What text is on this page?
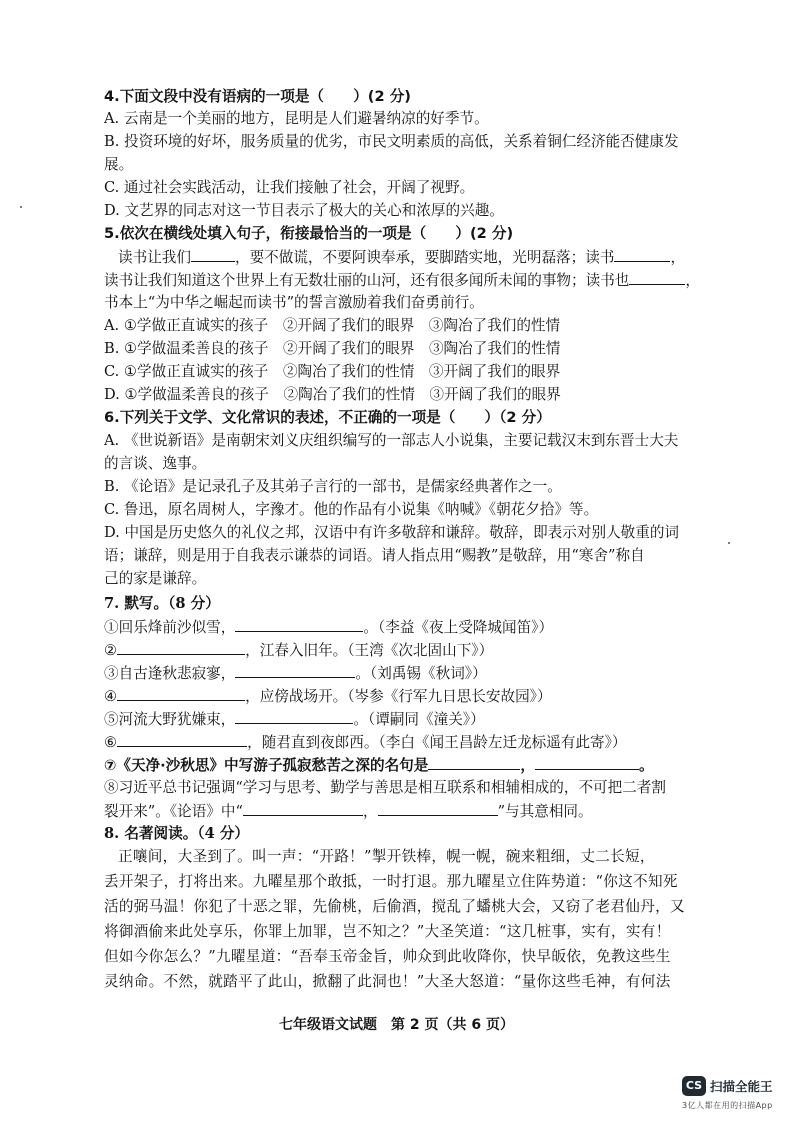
4.下面文段中没有语病的一项是（　　）(2 分)
A. 云南是一个美丽的地方，昆明是人们避暑纳凉的好季节。
B. 投资环境的好坏，服务质量的优劣，市民文明素质的高低，关系着铜仁经济能否健康发
展。
C. 通过社会实践活动，让我们接触了社会，开阔了视野。
D. 文艺界的同志对这一节目表示了极大的关心和浓厚的兴趣。
5.依次在横线处填入句子，衔接最恰当的一项是（　　）(2 分)
读书让我们	，要不做谎，不要阿谀奉承，要脚踏实地，光明磊落；读书	，
读书让我们知道这个世界上有无数壮丽的山河，还有很多闻所未闻的事物；读书也	，
书本上“为中华之崛起而读书”的誓言激励着我们奋勇前行。
A. ①学做正直诚实的孩子　②开阔了我们的眼界　③陶冶了我们的性情
B. ①学做温柔善良的孩子　②开阔了我们的眼界　③陶冶了我们的性情
C. ①学做正直诚实的孩子　②陶冶了我们的性情　③开阔了我们的眼界
D. ①学做温柔善良的孩子　②陶冶了我们的性情　③开阔了我们的眼界
6.下列关于文学、文化常识的表述，不正确的一项是（　　）（2 分）
A. 《世说新语》是南朝宋刘义庆组织编写的一部志人小说集，主要记载汉末到东晋士大夫
的言谈、逸事。
B. 《论语》是记录孔子及其弟子言行的一部书，是儒家经典著作之一。
C. 鲁迅，原名周树人，字豫才。他的作品有小说集《呐喊》《朝花夕拾》等。
D. 中国是历史悠久的礼仪之邦，汉语中有许多敬辞和谦辞。敬辞，即表示对别人敬重的词
语；谦辞，则是用于自我表示谦恭的词语。请人指点用“赐教”是敬辞，用“寒舍”称自
己的家是谦辞。
7. 默写。（8 分）
①回乐烽前沙似雪，	。（李益《夜上受降城闻笛》）
②	，江春入旧年。（王湾《次北固山下》）
③自古逢秋悲寂寥，	。（刘禹锡《秋词》）
④	，应傍战场开。（岑参《行军九日思长安故园》）
⑤河流大野犹嫌束，	。（谭嗣同《潼关》）
⑥	，随君直到夜郎西。（李白《闻王昌龄左迁龙标遥有此寄》）
⑦《天净·沙秋思》中写游子孤寂愁苦之深的名句是	，	。
⑧习近平总书记强调“学习与思考、勤学与善思是相互联系和相辅相成的，不可把二者割
裂开来”。《论语》中“	，	”与其意相同。
8. 名著阅读。（4 分）
正嚷间，大圣到了。叫一声：“开路！”掣开铁棒，幌一幌，碗来粗细，丈二长短，
丢开架子，打将出来。九曜星那个敢抵，一时打退。那九曜星立住阵势道：“你这不知死
活的弼马温！你犯了十恶之罪，先偷桃，后偷酒，搅乱了蟠桃大会，又窃了老君仙丹，又
将御酒偷来此处享乐，你罪上加罪，岂不知之？”大圣笑道：“这几桩事，实有，实有！
但如今你怎么？”九曜星道：“吾奉玉帝金旨，帅众到此收降你，快早皈依，免教这些生
灵纳命。不然，就踏平了此山，掀翻了此洞也！”大圣大怒道：“量你这些毛神，有何法
七年级语文试题　第 2 页（共 6 页）
CS 扫描全能王
3亿人都在用的扫描App
